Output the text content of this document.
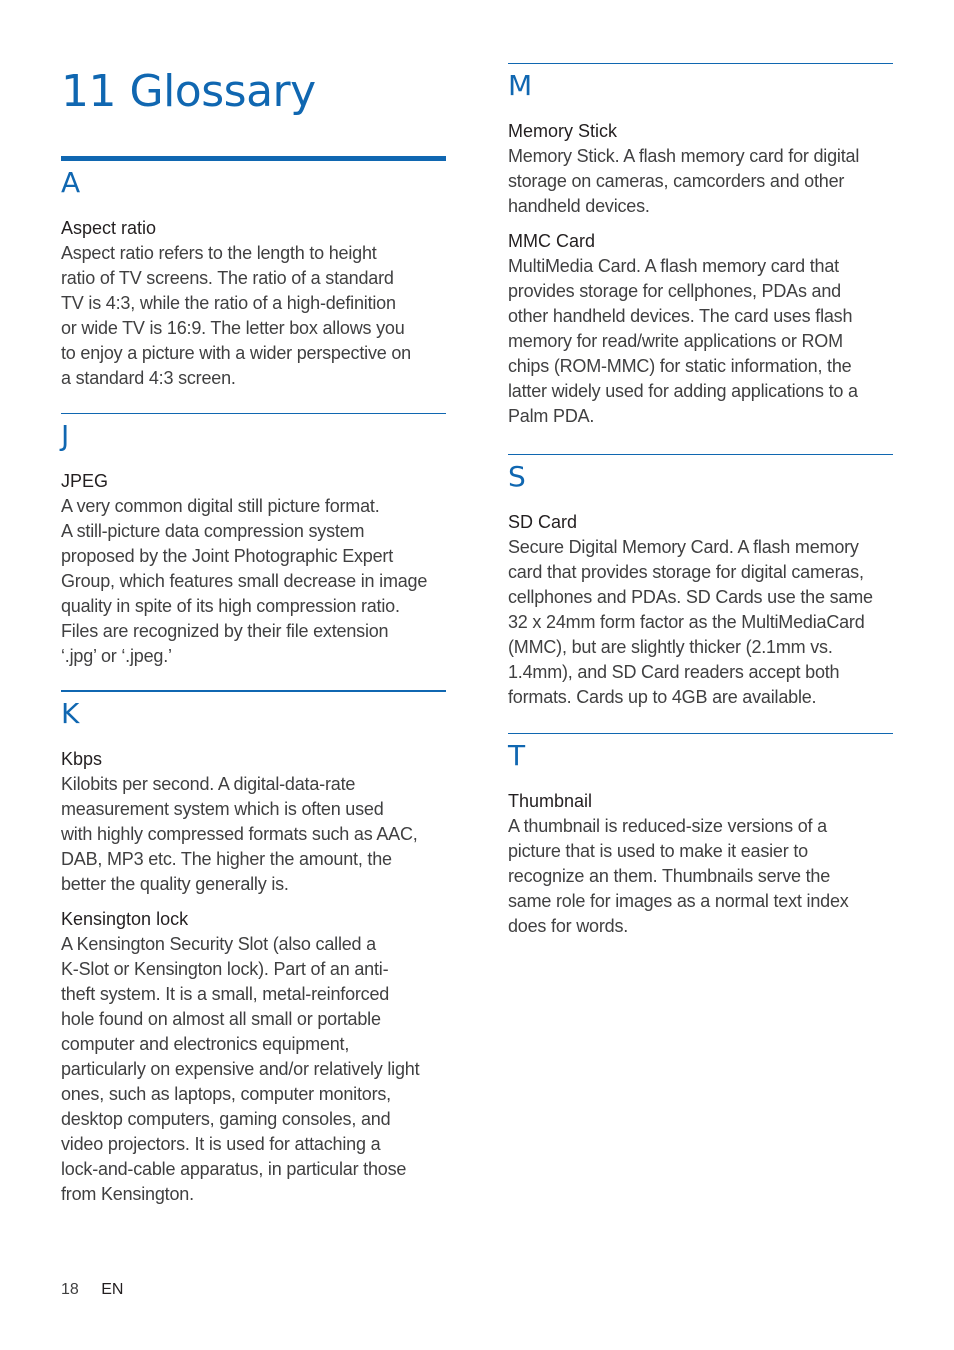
11 Glossary
A

Aspect ratio

Aspect ratio refers to the length to height
ratio of TV screens. The ratio of a standard
TV is 4:3, while the ratio of a high-definition
or wide TV is 16:9. The letter box allows you
to enjoy a picture with a wider perspective on
a standard 4:3 screen.

J

JPEG

A very common digital still picture format.
A still-picture data compression system
proposed by the Joint Photographic Expert
Group, which features small decrease in image
quality in spite of its high compression ratio.
Files are recognized by their file extension
‘.jpg’ or ‘.jpeg.’

K

Kbps

Kilobits per second. A digital-data-rate
measurement system which is often used
with highly compressed formats such as AAC,
DAB, MP3 etc. The higher the amount, the
better the quality generally is.

Kensington lock

A Kensington Security Slot (also called a
K-Slot or Kensington lock). Part of an anti-
theft system. It is a small, metal-reinforced
hole found on almost all small or portable
computer and electronics equipment,
particularly on expensive and/or relatively light
ones, such as laptops, computer monitors,
desktop computers, gaming consoles, and
video projectors. It is used for attaching a
lock-and-cable apparatus, in particular those
from Kensington.

M

Memory Stick

Memory Stick. A flash memory card for digital
storage on cameras, camcorders and other
handheld devices.

MMC Card

MultiMedia Card. A flash memory card that
provides storage for cellphones, PDAs and
other handheld devices. The card uses flash
memory for read/write applications or ROM
chips (ROM-MMC) for static information, the
latter widely used for adding applications to a
Palm PDA.

S

SD Card

Secure Digital Memory Card. A flash memory
card that provides storage for digital cameras,
cellphones and PDAs. SD Cards use the same
32 x 24mm form factor as the MultiMediaCard
(MMC), but are slightly thicker (2.1mm vs.
1.4mm), and SD Card readers accept both
formats. Cards up to 4GB are available.

T

Thumbnail

A thumbnail is reduced-size versions of a
picture that is used to make it easier to
recognize an them. Thumbnails serve the
same role for images as a normal text index
does for words.

18 EN
